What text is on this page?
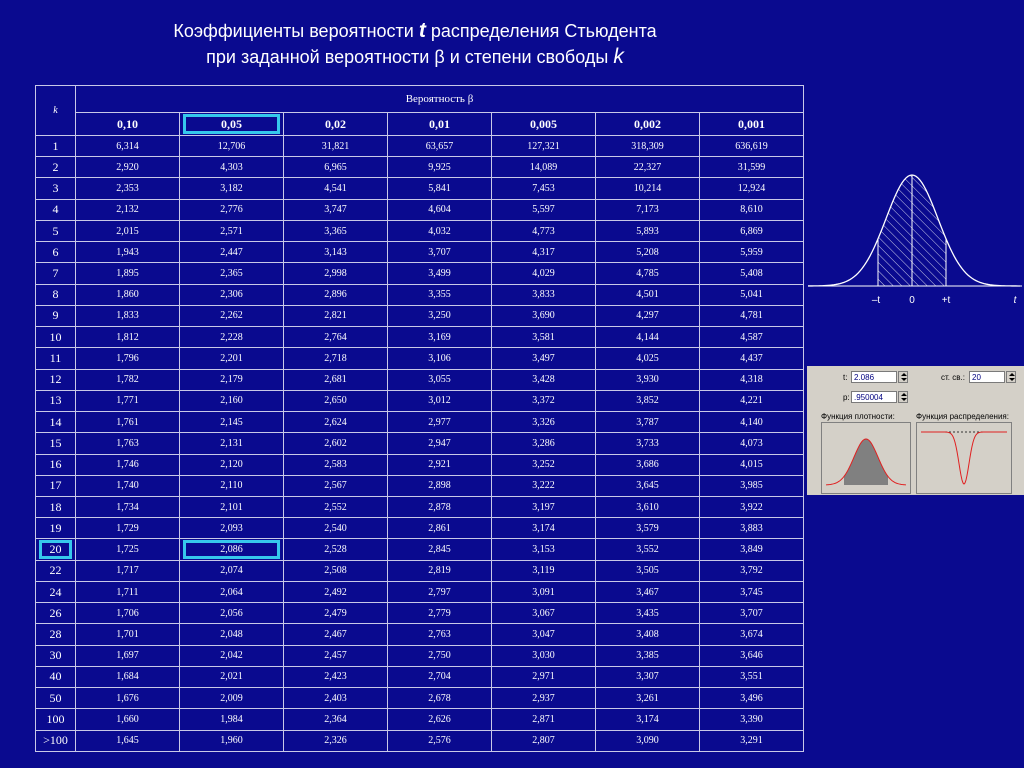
Коэффициенты вероятности t распределения Стьюдента
при заданной вероятности β и степени свободы k
k	Вероятность β						
	0,10	0,05	0,02	0,01	0,005	0,002	0,001
1	6,314	12,706	31,821	63,657	127,321	318,309	636,619
2	2,920	4,303	6,965	9,925	14,089	22,327	31,599
3	2,353	3,182	4,541	5,841	7,453	10,214	12,924
4	2,132	2,776	3,747	4,604	5,597	7,173	8,610
5	2,015	2,571	3,365	4,032	4,773	5,893	6,869
6	1,943	2,447	3,143	3,707	4,317	5,208	5,959
7	1,895	2,365	2,998	3,499	4,029	4,785	5,408
8	1,860	2,306	2,896	3,355	3,833	4,501	5,041
9	1,833	2,262	2,821	3,250	3,690	4,297	4,781
10	1,812	2,228	2,764	3,169	3,581	4,144	4,587
11	1,796	2,201	2,718	3,106	3,497	4,025	4,437
12	1,782	2,179	2,681	3,055	3,428	3,930	4,318
13	1,771	2,160	2,650	3,012	3,372	3,852	4,221
14	1,761	2,145	2,624	2,977	3,326	3,787	4,140
15	1,763	2,131	2,602	2,947	3,286	3,733	4,073
16	1,746	2,120	2,583	2,921	3,252	3,686	4,015
17	1,740	2,110	2,567	2,898	3,222	3,645	3,985
18	1,734	2,101	2,552	2,878	3,197	3,610	3,922
19	1,729	2,093	2,540	2,861	3,174	3,579	3,883
20	1,725	2,086	2,528	2,845	3,153	3,552	3,849
22	1,717	2,074	2,508	2,819	3,119	3,505	3,792
24	1,711	2,064	2,492	2,797	3,091	3,467	3,745
26	1,706	2,056	2,479	2,779	3,067	3,435	3,707
28	1,701	2,048	2,467	2,763	3,047	3,408	3,674
30	1,697	2,042	2,457	2,750	3,030	3,385	3,646
40	1,684	2,021	2,423	2,704	2,971	3,307	3,551
50	1,676	2,009	2,403	2,678	2,937	3,261	3,496
100	1,660	1,984	2,364	2,626	2,871	3,174	3,390
>100	1,645	1,960	2,326	2,576	2,807	3,090	3,291
–t	0	+t	t
t: 2.086	ст. св.: 20
p: .950004
Функция плотности:	Функция распределения:
